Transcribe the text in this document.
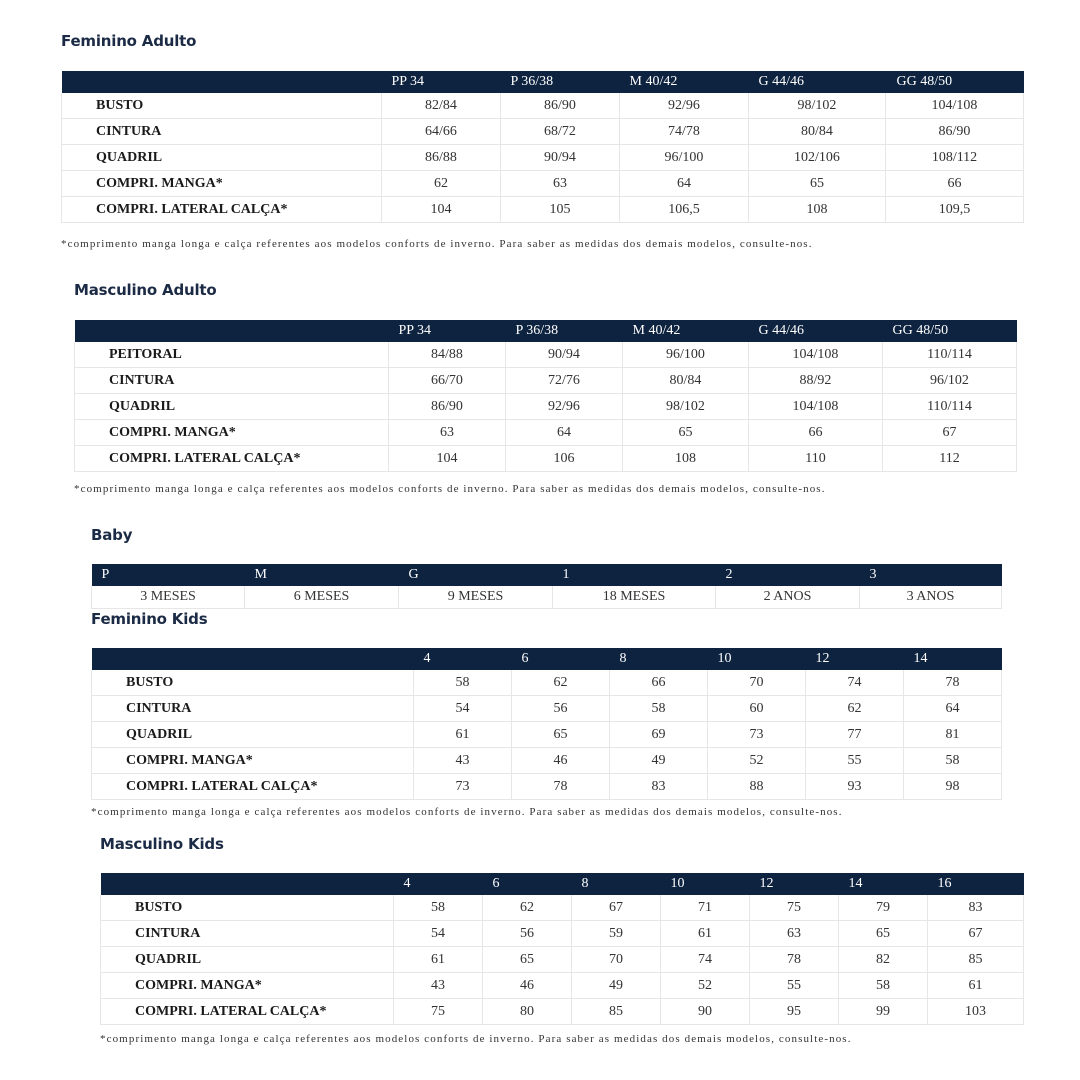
Feminino Adulto
	PP 34	P 36/38	M 40/42	G 44/46	GG 48/50
BUSTO	82/84	86/90	92/96	98/102	104/108
CINTURA	64/66	68/72	74/78	80/84	86/90
QUADRIL	86/88	90/94	96/100	102/106	108/112
COMPRI. MANGA*	62	63	64	65	66
COMPRI. LATERAL CALÇA*	104	105	106,5	108	109,5

*comprimento manga longa e calça referentes aos modelos conforts de inverno. Para saber as medidas dos demais modelos, consulte-nos.

Masculino Adulto
	PP 34	P 36/38	M 40/42	G 44/46	GG 48/50
PEITORAL	84/88	90/94	96/100	104/108	110/114
CINTURA	66/70	72/76	80/84	88/92	96/102
QUADRIL	86/90	92/96	98/102	104/108	110/114
COMPRI. MANGA*	63	64	65	66	67
COMPRI. LATERAL CALÇA*	104	106	108	110	112

*comprimento manga longa e calça referentes aos modelos conforts de inverno. Para saber as medidas dos demais modelos, consulte-nos.

Baby
P	M	G	1	2	3
3 MESES	6 MESES	9 MESES	18 MESES	2 ANOS	3 ANOS
Feminino Kids
	4	6	8	10	12	14
BUSTO	58	62	66	70	74	78
CINTURA	54	56	58	60	62	64
QUADRIL	61	65	69	73	77	81
COMPRI. MANGA*	43	46	49	52	55	58
COMPRI. LATERAL CALÇA*	73	78	83	88	93	98

*comprimento manga longa e calça referentes aos modelos conforts de inverno. Para saber as medidas dos demais modelos, consulte-nos.

Masculino Kids
	4	6	8	10	12	14	16
BUSTO	58	62	67	71	75	79	83
CINTURA	54	56	59	61	63	65	67
QUADRIL	61	65	70	74	78	82	85
COMPRI. MANGA*	43	46	49	52	55	58	61
COMPRI. LATERAL CALÇA*	75	80	85	90	95	99	103

*comprimento manga longa e calça referentes aos modelos conforts de inverno. Para saber as medidas dos demais modelos, consulte-nos.
